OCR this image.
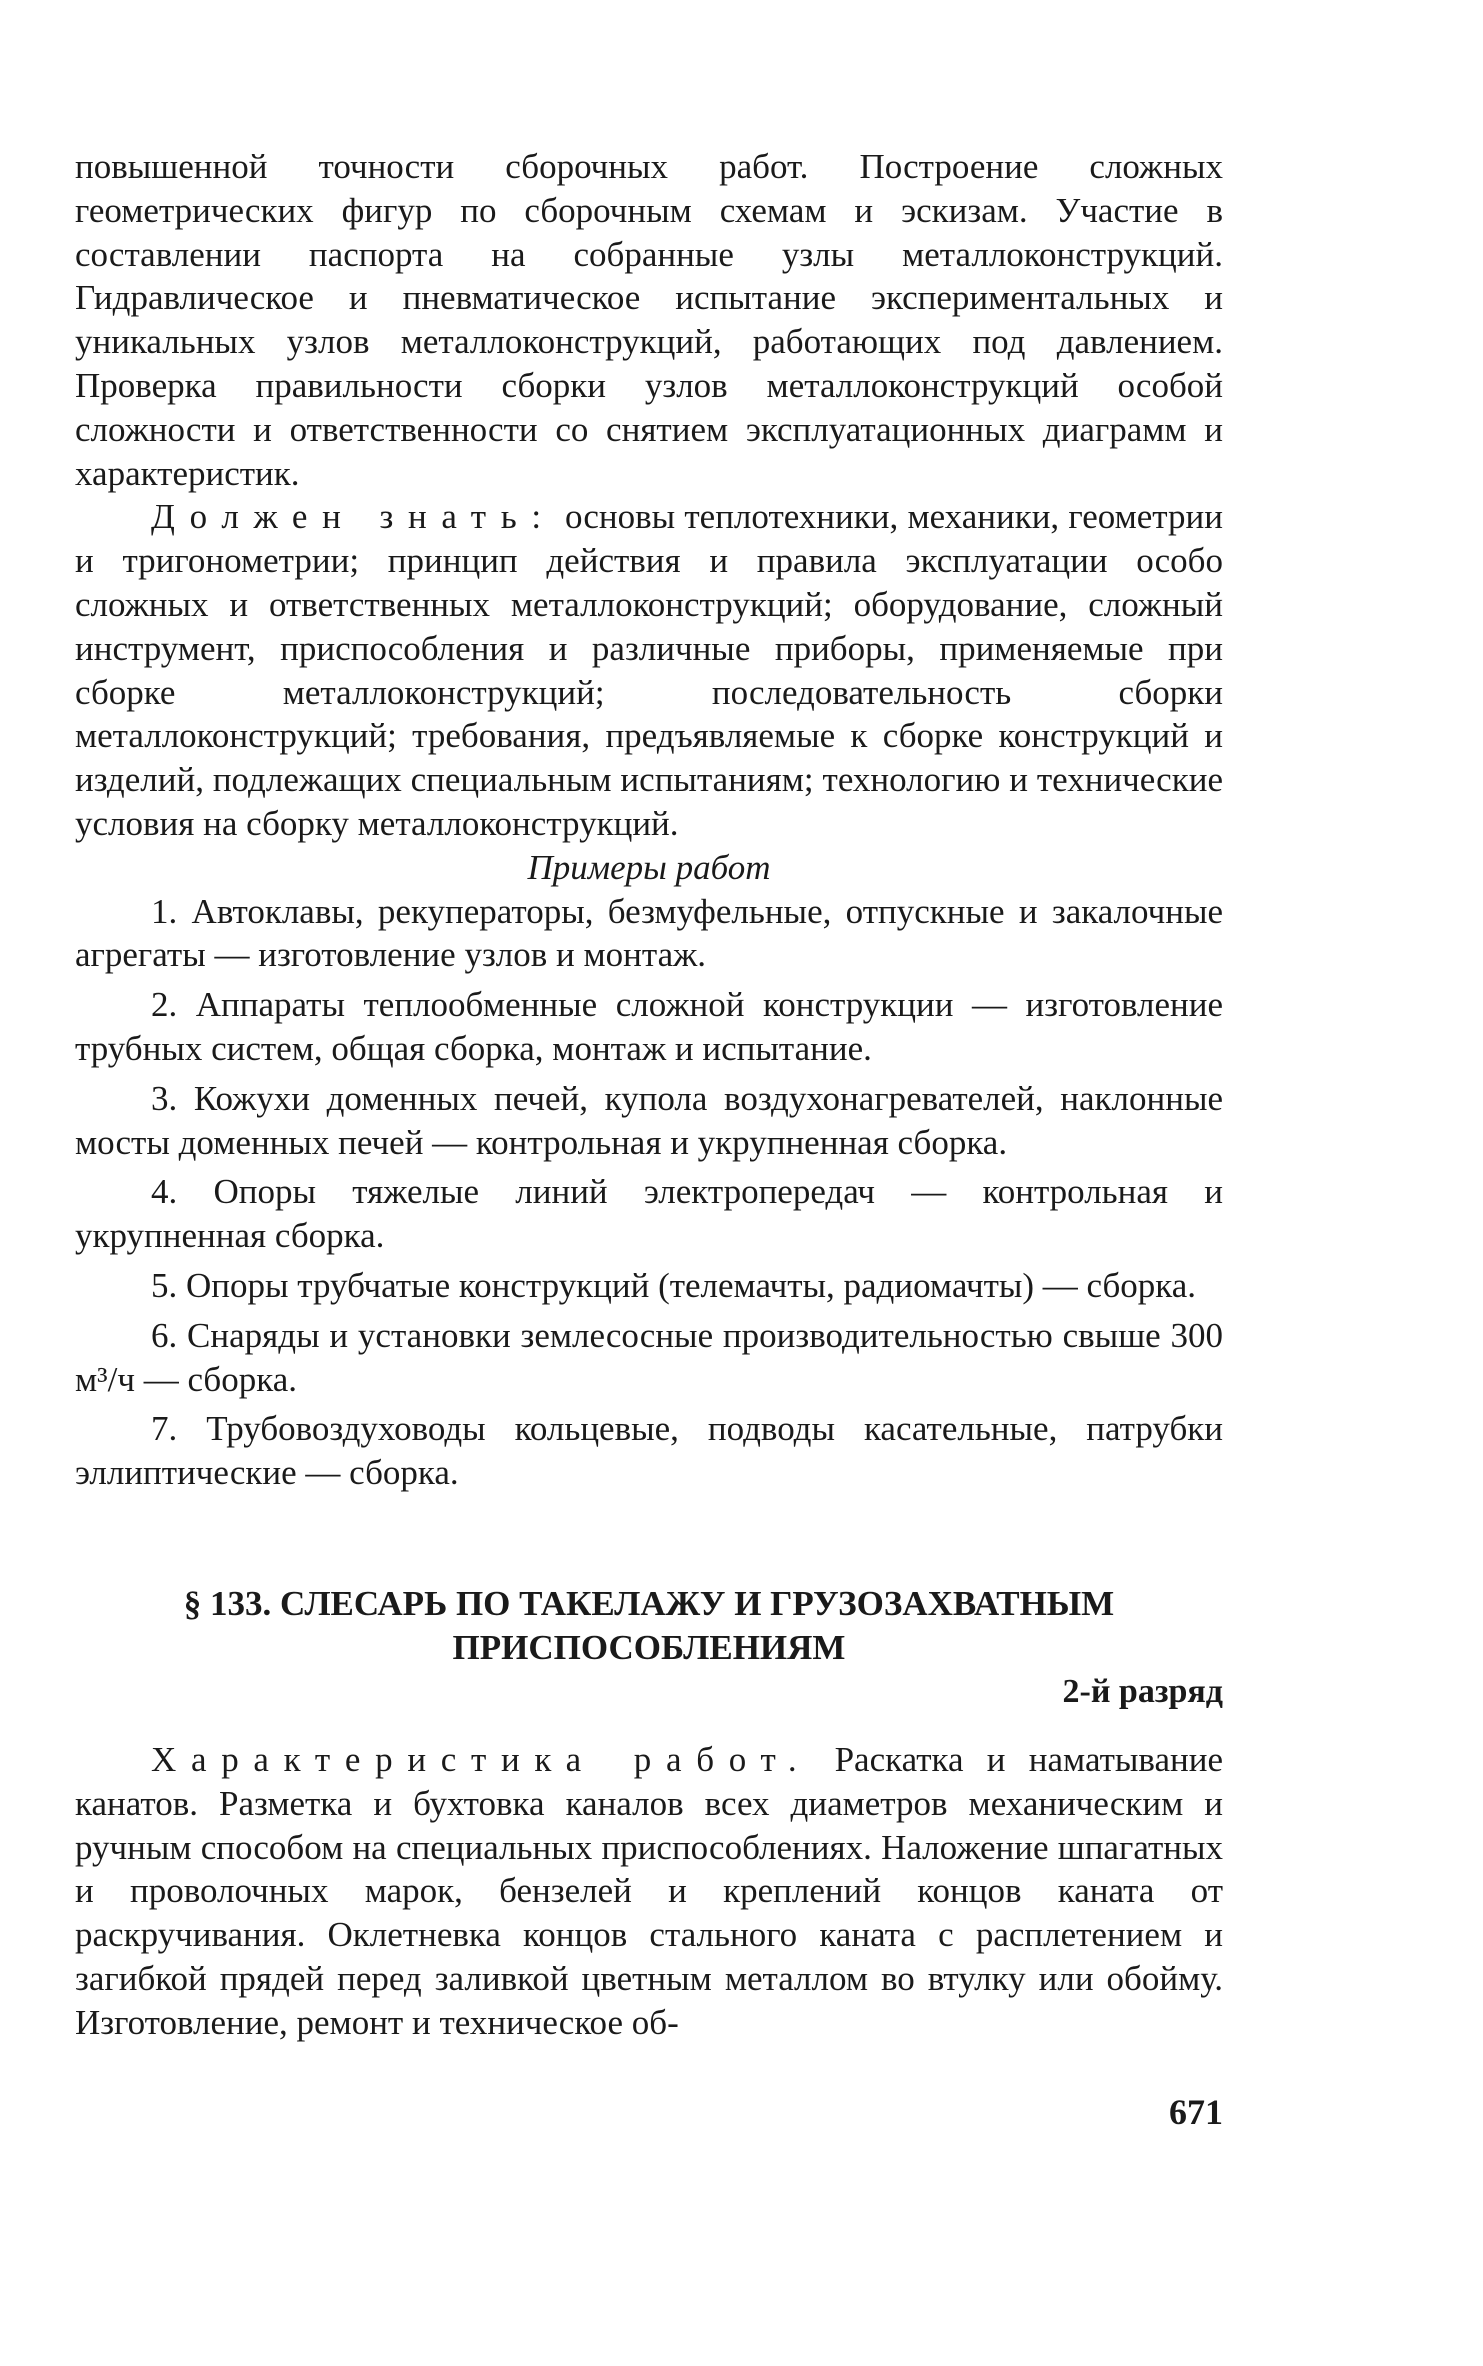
повышенной точности сборочных работ. Построение сложных геометрических фигур по сборочным схемам и эскизам. Участие в составлении паспорта на собранные узлы металлоконструкций. Гидравлическое и пневматическое испытание экспериментальных и уникальных узлов металлоконструкций, работающих под давлением. Проверка правильности сборки узлов металлоконструкций особой сложности и ответственности со снятием эксплуатационных диаграмм и характеристик.

Должен знать: основы теплотехники, механики, геометрии и тригонометрии; принцип действия и правила эксплуатации особо сложных и ответственных металлоконструкций; оборудование, сложный инструмент, приспособления и различные приборы, применяемые при сборке металлоконструкций; последовательность сборки металлоконструкций; требования, предъявляемые к сборке конструкций и изделий, подлежащих специальным испытаниям; технологию и технические условия на сборку металлоконструкций.

Примеры работ

1. Автоклавы, рекуператоры, безмуфельные, отпускные и закалочные агрегаты — изготовление узлов и монтаж.

2. Аппараты теплообменные сложной конструкции — изготовление трубных систем, общая сборка, монтаж и испытание.

3. Кожухи доменных печей, купола воздухонагревателей, наклонные мосты доменных печей — контрольная и укрупненная сборка.

4. Опоры тяжелые линий электропередач — контрольная и укрупненная сборка.

5. Опоры трубчатые конструкций (телемачты, радиомачты) — сборка.

6. Снаряды и установки землесосные производительностью свыше 300 м³/ч — сборка.

7. Трубовоздуховоды кольцевые, подводы касательные, патрубки эллиптические — сборка.

§ 133. СЛЕСАРЬ ПО ТАКЕЛАЖУ И ГРУЗОЗАХВАТНЫМ
ПРИСПОСОБЛЕНИЯМ
2-й разряд

Характеристика работ. Раскатка и наматывание канатов. Разметка и бухтовка каналов всех диаметров механическим и ручным способом на специальных приспособлениях. Наложение шпагатных и проволочных марок, бензелей и креплений концов каната от раскручивания. Оклетневка концов стального каната с расплетением и загибкой прядей перед заливкой цветным металлом во втулку или обойму. Изготовление, ремонт и техническое об-

671
